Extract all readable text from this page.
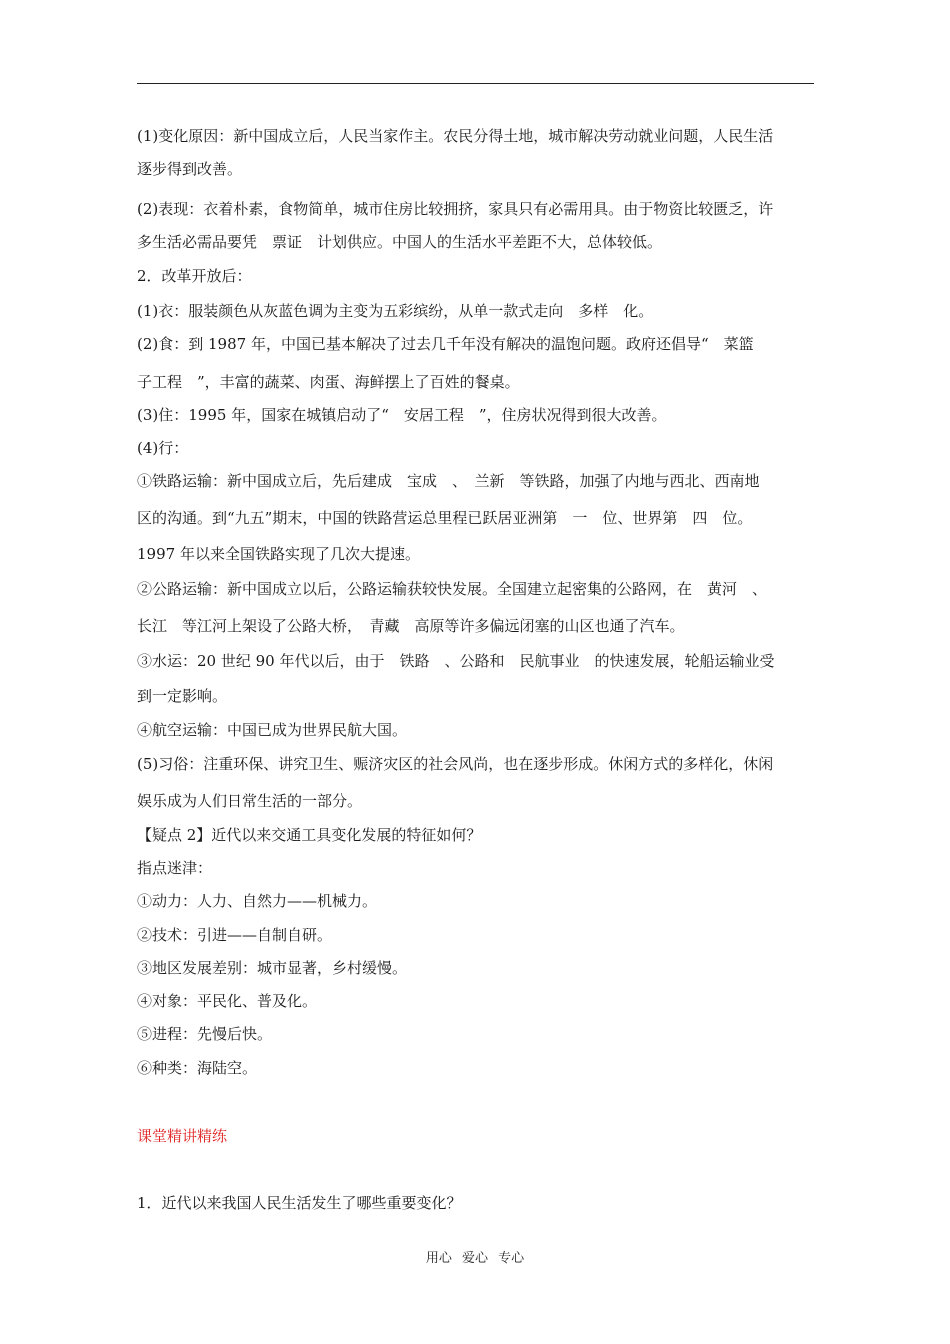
(1)变化原因：新中国成立后，人民当家作主。农民分得土地，城市解决劳动就业问题，人民生活
逐步得到改善。
(2)表现：衣着朴素，食物简单，城市住房比较拥挤，家具只有必需用具。由于物资比较匮乏，许
多生活必需品要凭　票证　计划供应。中国人的生活水平差距不大，总体较低。
2．改革开放后：
(1)衣：服装颜色从灰蓝色调为主变为五彩缤纷，从单一款式走向　多样　化。
(2)食：到 1987 年，中国已基本解决了过去几千年没有解决的温饱问题。政府还倡导“　菜篮
子工程　”，丰富的蔬菜、肉蛋、海鲜摆上了百姓的餐桌。
(3)住：1995 年，国家在城镇启动了“　安居工程　”，住房状况得到很大改善。
(4)行：
①铁路运输：新中国成立后，先后建成　宝成　、　兰新　等铁路，加强了内地与西北、西南地
区的沟通。到“九五”期末，中国的铁路营运总里程已跃居亚洲第　一　位、世界第　四　位。
1997 年以来全国铁路实现了几次大提速。
②公路运输：新中国成立以后，公路运输获较快发展。全国建立起密集的公路网，在　黄河　、
长江　等江河上架设了公路大桥，　青藏　高原等许多偏远闭塞的山区也通了汽车。
③水运：20 世纪 90 年代以后，由于　铁路　、公路和　民航事业　的快速发展，轮船运输业受
到一定影响。
④航空运输：中国已成为世界民航大国。
(5)习俗：注重环保、讲究卫生、赈济灾区的社会风尚，也在逐步形成。休闲方式的多样化，休闲
娱乐成为人们日常生活的一部分。
【疑点 2】近代以来交通工具变化发展的特征如何？
指点迷津：
①动力：人力、自然力——机械力。
②技术：引进——自制自研。
③地区发展差别：城市显著，乡村缓慢。
④对象：平民化、普及化。
⑤进程：先慢后快。
⑥种类：海陆空。
课堂精讲精练
1．近代以来我国人民生活发生了哪些重要变化？
用心 爱心 专心
